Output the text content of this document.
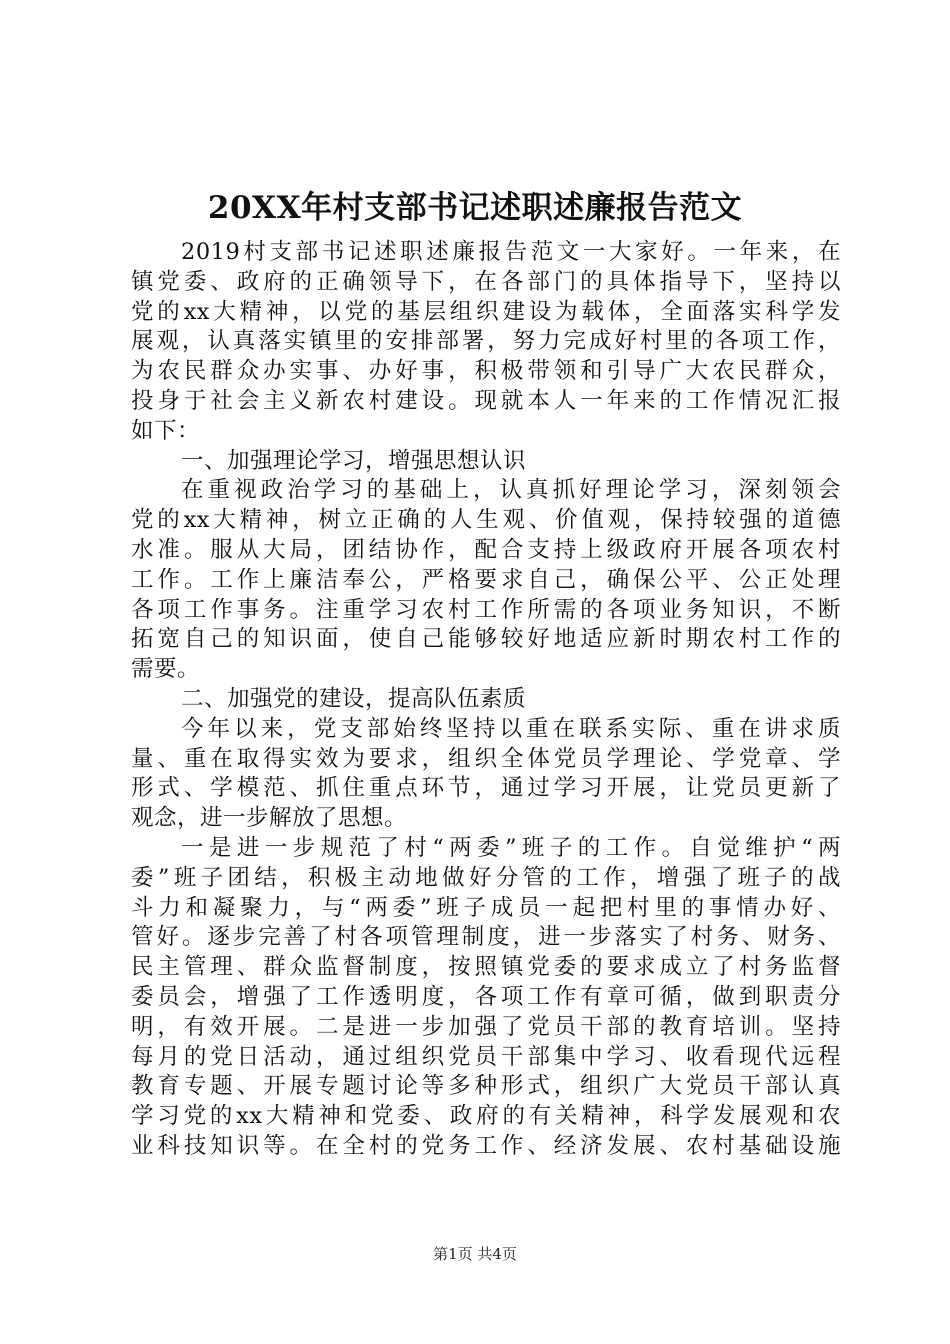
20XX年村支部书记述职述廉报告范文
2019村支部书记述职述廉报告范文一大家好。一年来，在
镇党委、政府的正确领导下，在各部门的具体指导下，坚持以
党的xx大精神，以党的基层组织建设为载体，全面落实科学发
展观，认真落实镇里的安排部署，努力完成好村里的各项工作，
为农民群众办实事、办好事，积极带领和引导广大农民群众，
投身于社会主义新农村建设。现就本人一年来的工作情况汇报
如下：
一、加强理论学习，增强思想认识
在重视政治学习的基础上，认真抓好理论学习，深刻领会
党的xx大精神，树立正确的人生观、价值观，保持较强的道德
水准。服从大局，团结协作，配合支持上级政府开展各项农村
工作。工作上廉洁奉公，严格要求自己，确保公平、公正处理
各项工作事务。注重学习农村工作所需的各项业务知识，不断
拓宽自己的知识面，使自己能够较好地适应新时期农村工作的
需要。
二、加强党的建设，提高队伍素质
今年以来，党支部始终坚持以重在联系实际、重在讲求质
量、重在取得实效为要求，组织全体党员学理论、学党章、学
形式、学模范、抓住重点环节，通过学习开展，让党员更新了
观念，进一步解放了思想。
一是进一步规范了村“两委”班子的工作。自觉维护“两
委”班子团结，积极主动地做好分管的工作，增强了班子的战
斗力和凝聚力，与“两委”班子成员一起把村里的事情办好、
管好。逐步完善了村各项管理制度，进一步落实了村务、财务、
民主管理、群众监督制度，按照镇党委的要求成立了村务监督
委员会，增强了工作透明度，各项工作有章可循，做到职责分
明，有效开展。二是进一步加强了党员干部的教育培训。坚持
每月的党日活动，通过组织党员干部集中学习、收看现代远程
教育专题、开展专题讨论等多种形式，组织广大党员干部认真
学习党的xx大精神和党委、政府的有关精神，科学发展观和农
业科技知识等。在全村的党务工作、经济发展、农村基础设施
第1页 共4页
